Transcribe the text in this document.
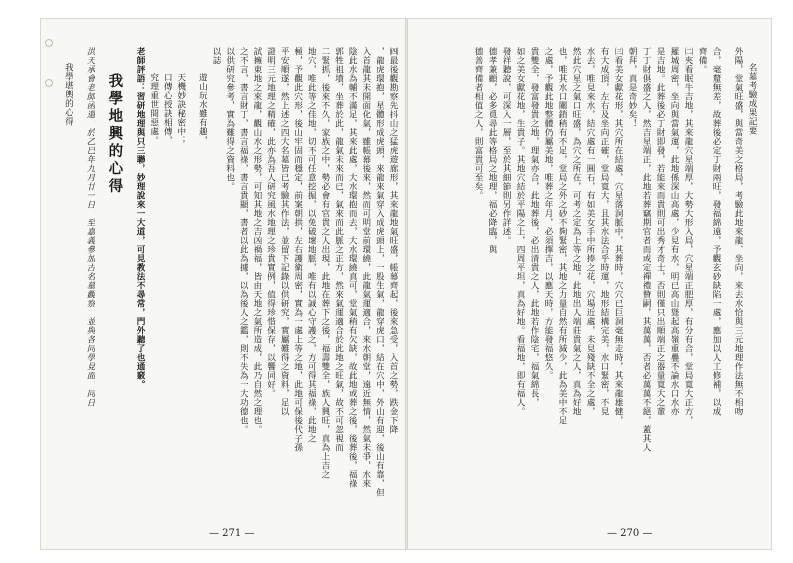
㈣最後觀勘察先抖山之猛虎遊廊形，其來龍地氣旺盛，帳幕齊起，後來急受，入首之勢，跌金下降
，龍虎環抱，星體形成虎頭，來龍來氣穿入成虎頭上，一股生氣，龍穿虎口，結在穴中，外山有迎，後山有靠，但
入首龍其未開面化氣，雖帳幕後來，然而可明堂前環繞，此龍氣運適合，來水朝堂，遠近無情，然氣未爭，水來
陰此水為輔不滿足，其來此處，大水環抱而去，大水環繞真可，堂氣稍有欠缺，故此地或葬之後，後葬後，福祿
郭牲祖墳，坐葬於此，龍氣未來而已，氣來而此脈之正方，然來氣運適合於此地之旺氣，故不可忽視而
二緊抓，後來不久，家族之中，勢必會有官貴之人出現，此地在葬下之後，福壽雙全，族人興旺，真為上吉之
地穴，唯此等之佳地，切不可任意挖掘，以免破壞地脈，唯有以誠心守護之，方可得其福祿，此地之
極，予觀此穴形，後山牢固而穩定，前案朝拱，左右護衛周密，實為一處上等之地，此地可保後代子孫
平安順遂，然上述之四大名墓皆已考驗其作法，並留下記錄以供研究，實屬難得之資料，足以
證明三元地理之精確，此亦為吾人研究風水地理之珍貴實例，值得珍惜保存，以饗同好。
試擁東地之來龍，觀山水之形勢，可知其地之吉凶禍福，皆由天地之氣所造成，此乃自然之理也。
之不言，書言財丁，書言福祿，書言貴顯，書者以此為據，以為後人之鑑，則不失為一大功德也。
以供研究參考，實為難得之資料也。
以誌
遊山玩水雖有趣，
天機妙訣秘密中；
口傳心授訣相傳，
究理重世間惡處。
老師評語：習研地理與只三聯，妙理說來一大道，可見教法不尋常，門外聽了也通竅。
我學地興的心得
洪天承會老師函還，於乙巳年九月廿一日，至嘉義參加古名墓觀察，並與各同學見面，同日
我學堪輿的心得
— 271 —
名墓考驗成果記要
外陽，堂氣旺盛，與當奇美之格局，考驗此地來龍、坐向，來去水恰與三元地理作法無不相吻
合，毫釐無差，故葬後必定丁財兩旺，發福綿遠，予觀玄砂缺陷一處，應加以人工修補，以成
齊備。
㈡夾看眠牛吉地，其來龍穴星端厚，大勢大形入局，穴星端正肥厚，有分有合，堂局寬大正方，
羅城周密，坐向與當氣運，此地係深山高處，少見有水，明已高山聳起高嶺重疊不論水口水亦
是吉地。此葬後必丁財即發，若能來而貴則可出秀才奇士，否則僅只出順端正之器量寬大之輩
丁丁財俱盛之人，然吉星端正，此地若葬竊期官者而或定禪禮贊嗣，其萬萬，否者必萬萬不絕，蓋其人
朝拜，真是奇妙矣！
㈢看美女獻花形，其穴所在結處，穴星落洞脈中，其葬時，穴穴已巨洞毫無走時，其來龍雄健，
有大成頂，左右及坐向正確，堂局寬大，且其水法合乎時運，地形結構完美，水口緊密，不見
水去，唯見來水，結穴處有一圓石，有如美女手中所捧之花，穴場近處，未見殘缺不全之處，
然此穴星之氣口旺盛，為穴之所在，可考之定為上等之地，此地出人端莊貴氣之人，真為好地
也，唯其水口關鎖稍有不足，堂局之外之砂不夠緊密，其地之力量自然有所減少，此為美中不足
之處，予觀此地整體仍屬美地，唯葬之年月，必須擇吉，以應天時，方能發福悠久。
貴雙全，發富發貴之地，理氣亦合，此地葬後，必出清貴之人，此地若作陰宅，福氣綿長，
如之美女獻花地，生貴子。其地穴結於平陽之上，四周平坦，真為好地。看福地，即有福人。
發祥聽說，可深入一層，至於其細節則另作詳述。
德孝兼顧，必多覓尋此等格局之地理，福必降臨，與
德善齊備者相值之人，則富貴可至矣。
— 270 —
